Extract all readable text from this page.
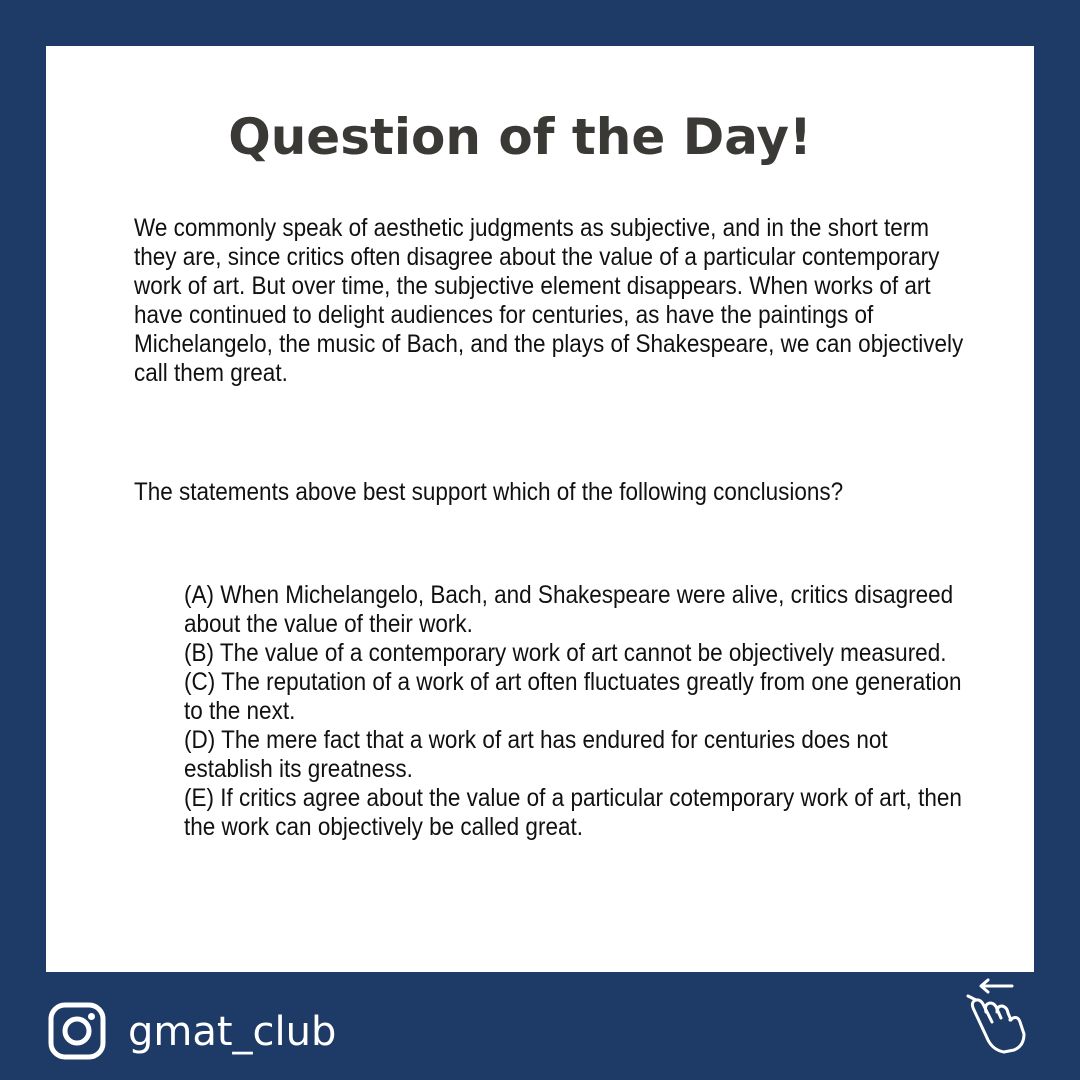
Question of the Day!

We commonly speak of aesthetic judgments as subjective, and in the short term they are, since critics often disagree about the value of a particular contemporary work of art. But over time, the subjective element disappears. When works of art have continued to delight audiences for centuries, as have the paintings of Michelangelo, the music of Bach, and the plays of Shakespeare, we can objectively call them great.

The statements above best support which of the following conclusions?

(A) When Michelangelo, Bach, and Shakespeare were alive, critics disagreed about the value of their work.
(B) The value of a contemporary work of art cannot be objectively measured.
(C) The reputation of a work of art often fluctuates greatly from one generation to the next.
(D) The mere fact that a work of art has endured for centuries does not establish its greatness.
(E) If critics agree about the value of a particular cotemporary work of art, then the work can objectively be called great.
gmat_club
